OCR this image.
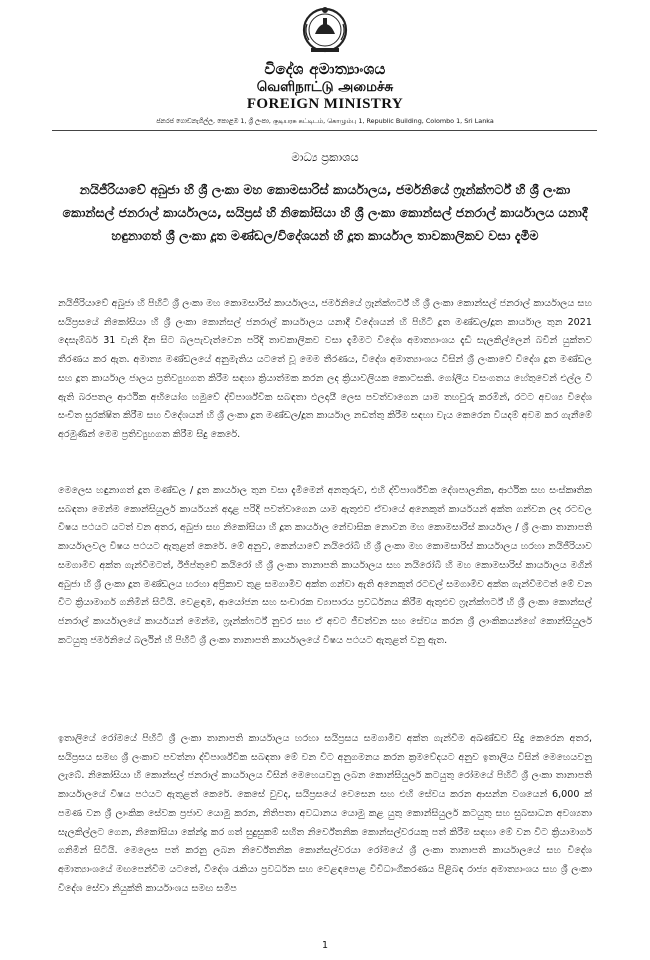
විදේශ අමාත්‍යාංශය
வெளிநாட்டு அமைச்சு
FOREIGN MINISTRY
ජනරජ ගොඩනැගිල්ල, කොළඹ 1, ශ්‍රී ලංකා, குடியரசு கட்டிடம், கொழும்பு 1, Republic Building, Colombo 1, Sri Lanka
මාධ්‍ය ප්‍රකාශය
නයිජීරියාවේ අබුජා හි ශ්‍රී ලංකා මහ කොමසාරිස් කාර්යාලය, ජර්මනියේ ෆ්‍රෑන්ක්ෆර්ට් හි ශ්‍රී ලංකා කොන්සල් ජනරාල් කාර්යාලය, සයිප්‍රස් හි නිකෝසියා හි ශ්‍රී ලංකා කොන්සල් ජනරාල් කාර්යාලය යනාදී හඳුනාගත් ශ්‍රී ලංකා දූත මණ්ඩල/විදේශයන් හි දූත කාර්යාල තාවකාලිකව වසා දැමීම
නයිජීරියාවේ අබුජා හි පිහිටි ශ්‍රී ලංකා මහ කොමසාරිස් කාර්යාලය, ජර්මනියේ ෆ්‍රෑන්ක්ෆර්ට් හි ශ්‍රී ලංකා කොන්සල් ජනරාල් කාර්යාලය සහ සයිප්‍රසයේ නිකෝසියා හි ශ්‍රී ලංකා කොන්සල් ජනරාල් කාර්යාලය යනාදී විදේශයන් හි පිහිටි දූත මණ්ඩල/දූත කාර්යාල තුන 2021 දෙසැම්බර් 31 වැනි දින සිට බලපැවැත්වෙන පරිදි තාවකාලිකව වසා දැමීමට විදේශ අමාත්‍යාංශය දැඩි සැලකිල්ලෙන් බවින් යුක්තව තීරණය කර ඇත. අමාත්‍ය මණ්ඩලයේ අනුමැතිය යටතේ වූ මෙම තීරණය, විදේශ අමාත්‍යාංශය විසින් ශ්‍රී ලංකාවේ විදේශ දූත මණ්ඩල සහ දූත කාර්යාල ජාලය ප්‍රතිව්‍යුහගත කිරීම සඳහා ක්‍රියාත්මක කරන ලද ක්‍රියාවලියක කොටසකි. ගෝලීය වසංගතය හේතුවෙන් එල්ල වී ඇති බරපතල ආර්ථික අභියෝග හමුවේ ද්විපාර්ශ්වික සබඳතා ඵලදායී ලෙස පවත්වාගෙන යාම තහවුරු කරමින්, රටට අවශ්‍ය විදේශ සංචිත සුරක්ෂිත කිරීම සහ විදේශයන් හි ශ්‍රී ලංකා දූත මණ්ඩල/දූත කාර්යාල නඩත්තු කිරීම සඳහා වැය කෙරෙන වියදම් අවම කර ගැනීමේ අරමුණින් මෙම ප්‍රතිව්‍යුහගත කිරීම සිදු කෙරේ.
මෙලෙස හඳුනාගත් දූත මණ්ඩල / දූත කාර්යාල තුන වසා දැමීමෙන් අනතුරුව, එහි ද්විපාර්ශ්වික දේශපාලනික, ආර්ථික සහ සංස්කෘතික සබඳතා මෙන්ම කොන්සියුලර් කාර්යයන් අදාළ පරිදි පවත්වාගෙන යාම ඇතුළුව ඒවායේ අනෙකුත් කාර්යයන් අක්ත ගන්වන ලද රටවල විෂය පථයට යටත් වන අතර, අබුජා සහ නිකෝසියා හි දූත කාර්යාල නේවාසික නොවන මහ කොමසාරිස් කාර්යාල / ශ්‍රී ලංකා තානාපති කාර්යාලවල විෂය පථයට ඇතුළත් කෙරේ. මේ අනුව, කෙන්යාවේ නයිරෝබි හි ශ්‍රී ලංකා මහ කොමසාරිස් කාර්යාලය හරහා නයිජීරියාව සමගාමීව අක්ත ගැන්වීමටත්, ඊජිප්තුවේ කයිරෝ හි ශ්‍රී ලංකා තානාපති කාර්යාලය සහ නයිරෝබි හි මහ කොමසාරිස් කාර්යාලය මගින් අබුජා හි ශ්‍රී ලංකා දූත මණ්ඩලය හරහා අප්‍රිකාව තුළ සමගාමීව අක්ත ගන්වා ඇති අනෙකුත් රටවල් සමගාමීව අක්ත ගැන්වීමටත් මේ වන විට ක්‍රියාමාර්ග ගනිමින් සිටියි. වෙළඳාම, ආයෝජන සහ සංචාරක ව්‍යාපාරය ප්‍රවර්ධනය කිරීම ඇතුළුව ෆ්‍රෑන්ක්ෆර්ට් හි ශ්‍රී ලංකා කොන්සල් ජනරාල් කාර්යාලයේ කාර්යයන් මෙන්ම, ෆ්‍රෑන්ක්ෆර්ට් නුවර සහ ඒ අවට ජීවත්වන සහ සේවය කරන ශ්‍රී ලාංකිකයන්ගේ කොන්සියුලර් කටයුතු ජර්මනියේ බර්ලින් හි පිහිටි ශ්‍රී ලංකා තානාපති කාර්යාලයේ විෂය පථයට ඇතුළත් වනු ඇත.
ඉතාලියේ රෝමයේ පිහිටි ශ්‍රී ලංකා තානාපති කාර්යාලය හරහා සයිප්‍රසය සමගාමීව අක්ත ගැන්වීම අඛණ්ඩව සිදු කෙරෙන අතර, සයිප්‍රසය සමඟ ශ්‍රී ලංකාව පවත්නා ද්විපාර්ශ්වික සබඳතා මේ වන විට අනුගමනය කරන ක්‍රමවේදයට අනුව ඉතාලිය විසින් මෙහෙයවනු ලැබේ. නිකෝසියා හි කොන්සල් ජනරාල් කාර්යාලය විසින් මෙහෙයවනු ලබන කොන්සියුලර් කටයුතු රෝමයේ පිහිටි ශ්‍රී ලංකා තානාපති කාර්යාලයේ විෂය පථයට ඇතුළත් කෙරේ. කෙසේ වුවද, සයිප්‍රසයේ වෙසෙන සහ එහි සේවය කරන ආසන්න වශයෙන් 6,000 ක් පමණ වන ශ්‍රී ලාංකික සේවක ප්‍රජාව යොමු කරන, නිතිපතා අවධානය යොමු කළ යුතු කොන්සියුලර් කටයුතු සහ සුබසාධන අවශ්‍යතා සැලකිල්ලට ගෙන, නිකෝසියා කේන්ද්‍ර කර ගත් සුදුසුකම් සහිත නිර්වේතනික කොන්සල්වරයකු පත් කිරීම සඳහා මේ වන විට ක්‍රියාමාර්ග ගනිමින් සිටියි. මෙලෙස පත් කරනු ලබන නිර්වේතනික කොන්සල්වරයා රෝමයේ ශ්‍රී ලංකා තානාපති කාර්යාලයේ සහ විදේශ අමාත්‍යාංශයේ මඟපෙන්වීම යටතේ, විදේශ රැකියා ප්‍රවර්ධන සහ වෙළඳපොළ විවිධාංගීකරණය පිළිබඳ රාජ්‍ය අමාත්‍යාංශය සහ ශ්‍රී ලංකා විදේශ සේවා නියුක්ති කාර්යාංශය සමඟ සමීප
1
